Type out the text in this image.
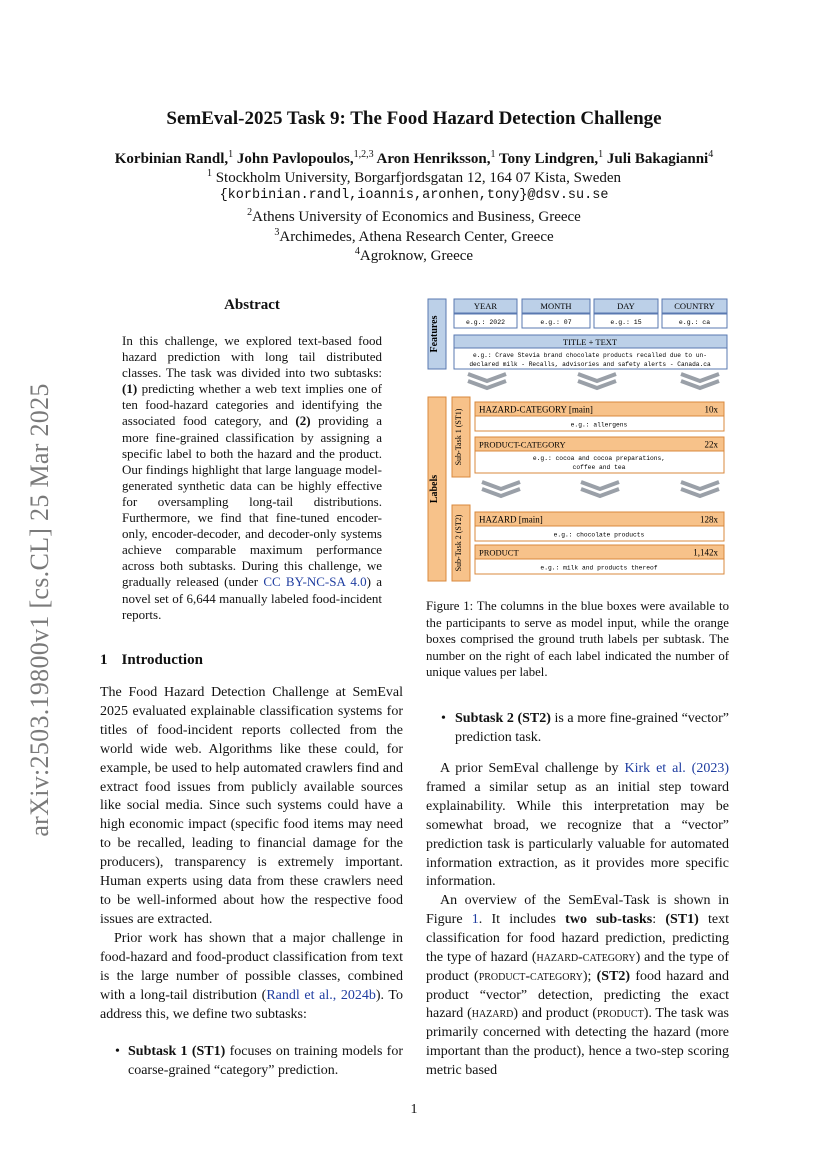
arXiv:2503.19800v1 [cs.CL] 25 Mar 2025
SemEval-2025 Task 9: The Food Hazard Detection Challenge
Korbinian Randl,$^1$ John Pavlopoulos,$^{1,2,3}$ Aron Henriksson,$^1$ Tony Lindgren,$^1$ Juli Bakagianni$^4$
$^1$ Stockholm University, Borgarfjordsgatan 12, 164 07 Kista, Sweden
{korbinian.randl,ioannis,aronhen,tony}@dsv.su.se
$^2$Athens University of Economics and Business, Greece
$^3$Archimedes, Athena Research Center, Greece
$^4$Agroknow, Greece
Abstract
In this challenge, we explored text-based food hazard prediction with long tail distributed classes. The task was divided into two subtasks: (1) predicting whether a web text implies one of ten food-hazard categories and identifying the associated food category, and (2) providing a more fine-grained classification by assigning a specific label to both the hazard and the product. Our findings highlight that large language model-generated synthetic data can be highly effective for oversampling long-tail distributions. Furthermore, we find that fine-tuned encoder-only, encoder-decoder, and decoder-only systems achieve comparable maximum performance across both subtasks. During this challenge, we gradually released (under CC BY-NC-SA 4.0) a novel set of 6,644 manually labeled food-incident reports.
1 Introduction
The Food Hazard Detection Challenge at SemEval 2025 evaluated explainable classification systems for titles of food-incident reports collected from the world wide web. Algorithms like these could, for example, be used to help automated crawlers find and extract food issues from publicly available sources like social media. Since such systems could have a high economic impact (specific food items may need to be recalled, leading to financial damage for the producers), transparency is extremely important. Human experts using data from these crawlers need to be well-informed about how the respective food issues are extracted.
Prior work has shown that a major challenge in food-hazard and food-product classification from text is the large number of possible classes, combined with a long-tail distribution (Randl et al., 2024b). To address this, we define two subtasks:
• Subtask 1 (ST1) focuses on training models for coarse-grained “category” prediction.
Features
YEAR	MONTH	DAY	COUNTRY
e.g.: 2022	e.g.: 07	e.g.: 15	e.g.: ca
TITLE + TEXT
e.g.: Crave Stevia brand chocolate products recalled due to un-
declared milk - Recalls, advisories and safety alerts - Canada.ca
Labels
Sub-Task 1 (ST1) HAZARD-CATEGORY [main]	10x
e.g.: allergens
PRODUCT-CATEGORY	22x
e.g.: cocoa and cocoa preparations,
coffee and tea
Sub-Task 2 (ST2) HAZARD [main]	128x
e.g.: chocolate products
PRODUCT	1,142x
e.g.: milk and products thereof
Figure 1: The columns in the blue boxes were available to the participants to serve as model input, while the orange boxes comprised the ground truth labels per subtask. The number on the right of each label indicated the number of unique values per label.
• Subtask 2 (ST2) is a more fine-grained “vector” prediction task.
A prior SemEval challenge by Kirk et al. (2023) framed a similar setup as an initial step toward explainability. While this interpretation may be somewhat broad, we recognize that a “vector” prediction task is particularly valuable for automated information extraction, as it provides more specific information.
An overview of the SemEval-Task is shown in Figure 1. It includes two sub-tasks: (ST1) text classification for food hazard prediction, predicting the type of hazard (hazard-category) and the type of product (product-category); (ST2) food hazard and product “vector” detection, predicting the exact hazard (hazard) and product (product). The task was primarily concerned with detecting the hazard (more important than the product), hence a two-step scoring metric based
1
